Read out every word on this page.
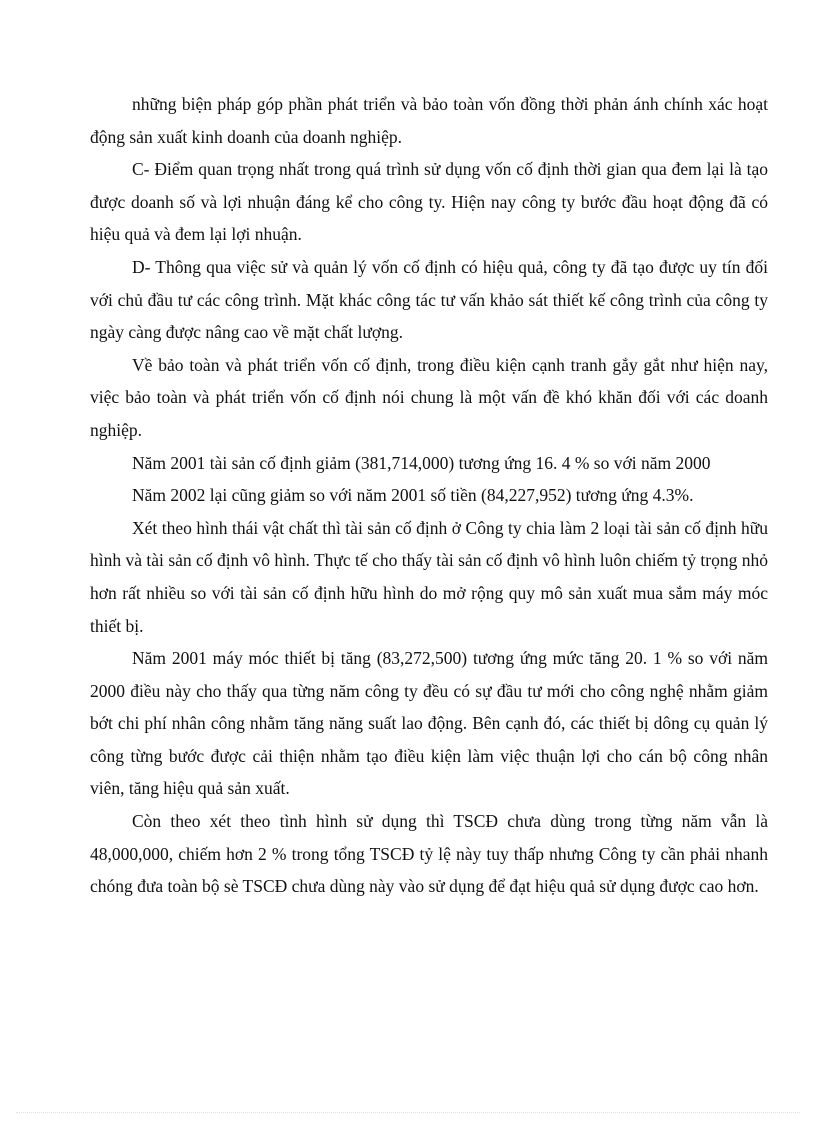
những biện pháp góp phần phát triển và bảo toàn vốn đồng thời phản ánh chính xác hoạt động sản xuất kinh doanh của doanh nghiệp.

C- Điểm quan trọng nhất trong quá trình sử dụng vốn cố định thời gian qua đem lại là tạo được doanh số và lợi nhuận đáng kể cho công ty. Hiện nay công ty bước đầu hoạt động đã có hiệu quả và đem lại lợi nhuận.

D- Thông qua việc sử và quản lý vốn cố định có hiệu quả, công ty đã tạo được uy tín đối với chủ đầu tư các công trình. Mặt khác công tác tư vấn khảo sát thiết kế công trình của công ty ngày càng được nâng cao về mặt chất lượng.

Về bảo toàn và phát triển vốn cố định, trong điều kiện cạnh tranh gắy gắt như hiện nay, việc bảo toàn và phát triển vốn cố định nói chung là một vấn đề khó khăn đối với các doanh nghiệp.

Năm 2001 tài sản cố định giảm (381,714,000) tương ứng 16. 4 % so với năm 2000

Năm 2002 lại cũng giảm so với năm 2001 số tiền (84,227,952) tương ứng 4.3%.

Xét theo hình thái vật chất thì tài sản cố định ở Công ty chia làm 2 loại tài sản cố định hữu hình và tài sản cố định vô hình. Thực tế cho thấy tài sản cố định vô hình luôn chiếm tỷ trọng nhỏ hơn rất nhiều so với tài sản cố định hữu hình do mở rộng quy mô sản xuất mua sắm máy móc thiết bị.

Năm 2001 máy móc thiết bị tăng (83,272,500) tương ứng mức tăng 20. 1 % so với năm 2000 điều này cho thấy qua từng năm công ty đều có sự đầu tư mới cho công nghệ nhằm giảm bớt chi phí nhân công nhằm tăng năng suất lao động. Bên cạnh đó, các thiết bị dông cụ quản lý công từng bước được cải thiện nhằm tạo điều kiện làm việc thuận lợi cho cán bộ công nhân viên, tăng hiệu quả sản xuất.

Còn theo xét theo tình hình sử dụng thì TSCĐ chưa dùng trong từng năm vẫn là 48,000,000, chiếm hơn 2 % trong tổng TSCĐ tỷ lệ này tuy thấp nhưng Công ty cần phải nhanh chóng đưa toàn bộ sè TSCĐ chưa dùng này vào sử dụng để đạt hiệu quả sử dụng được cao hơn.
